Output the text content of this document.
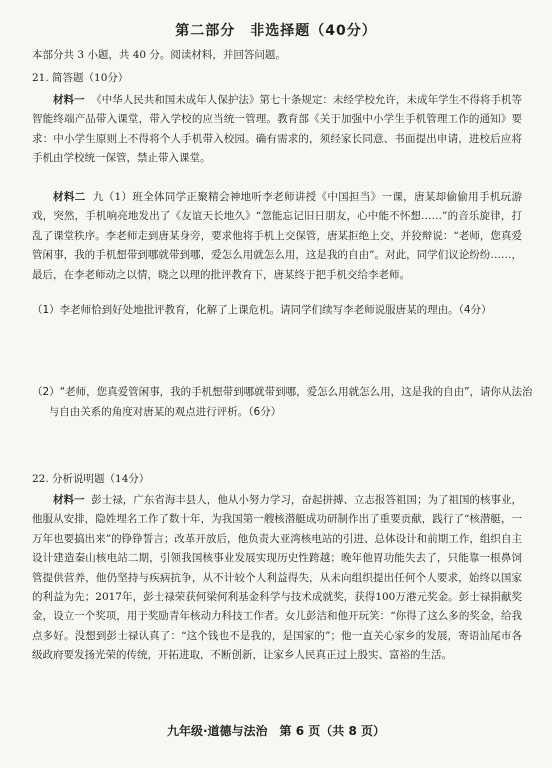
第二部分　非选择题（40分）
本部分共 3 小题，共 40 分。阅读材料，并回答问题。
21. 简答题（10分）

材料一 《中华人民共和国未成年人保护法》第七十条规定：未经学校允许，未成年学生不得将手机等智能终端产品带入课堂，带入学校的应当统一管理。教育部《关于加强中小学生手机管理工作的通知》要求：中小学生原则上不得将个人手机带入校园。确有需求的，须经家长同意、书面提出申请，进校后应将手机由学校统一保管，禁止带入课堂。

材料二 九（1）班全体同学正聚精会神地听李老师讲授《中国担当》一课，唐某却偷偷用手机玩游戏，突然，手机响亮地发出了《友谊天长地久》“忽能忘记旧日朋友，心中能不怀想……”的音乐旋律，打乱了课堂秩序。李老师走到唐某身旁，要求他将手机上交保管，唐某拒绝上交，并狡辩说：“老师，您真爱管闲事，我的手机想带到哪就带到哪，爱怎么用就怎么用，这是我的自由”。对此，同学们议论纷纷……，最后，在李老师动之以情，晓之以理的批评教育下，唐某终于把手机交给李老师。

（1）李老师恰到好处地批评教育，化解了上课危机。请同学们续写李老师说服唐某的理由。（4分）

（2）“老师，您真爱管闲事，我的手机想带到哪就带到哪，爱怎么用就怎么用，这是我的自由”，请你从法治与自由关系的角度对唐某的观点进行评析。（6分）

22. 分析说明题（14分）

材料一 彭士禄，广东省海丰县人，他从小努力学习，奋起拼搏、立志报答祖国；为了祖国的核事业，他服从安排，隐姓埋名工作了数十年，为我国第一艘核潜艇成功研制作出了重要贡献，践行了“核潜艇，一万年也要搞出来”的铮铮誓言；改革开放后，他负责大亚湾核电站的引进、总体设计和前期工作，组织自主设计建造秦山核电站二期，引领我国核事业发展实现历史性跨越；晚年他胃功能失去了，只能靠一根鼻饲管提供营养，他仍坚持与疾病抗争，从不计较个人利益得失，从未向组织提出任何个人要求，始终以国家的利益为先；2017年，彭士禄荣获何梁何利基金科学与技术成就奖，获得100万港元奖金。彭士禄捐献奖金，设立一个奖项，用于奖励青年核动力科技工作者。女儿彭洁和他开玩笑：“你得了这么多的奖金，给我点多好。没想到彭士禄认真了：“这个钱也不是我的，是国家的”；他一直关心家乡的发展，寄语汕尾市各级政府要发扬光荣的传统，开拓进取，不断创新，让家乡人民真正过上殷实、富裕的生活。

九年级·道德与法治　第 6 页（共 8 页）
